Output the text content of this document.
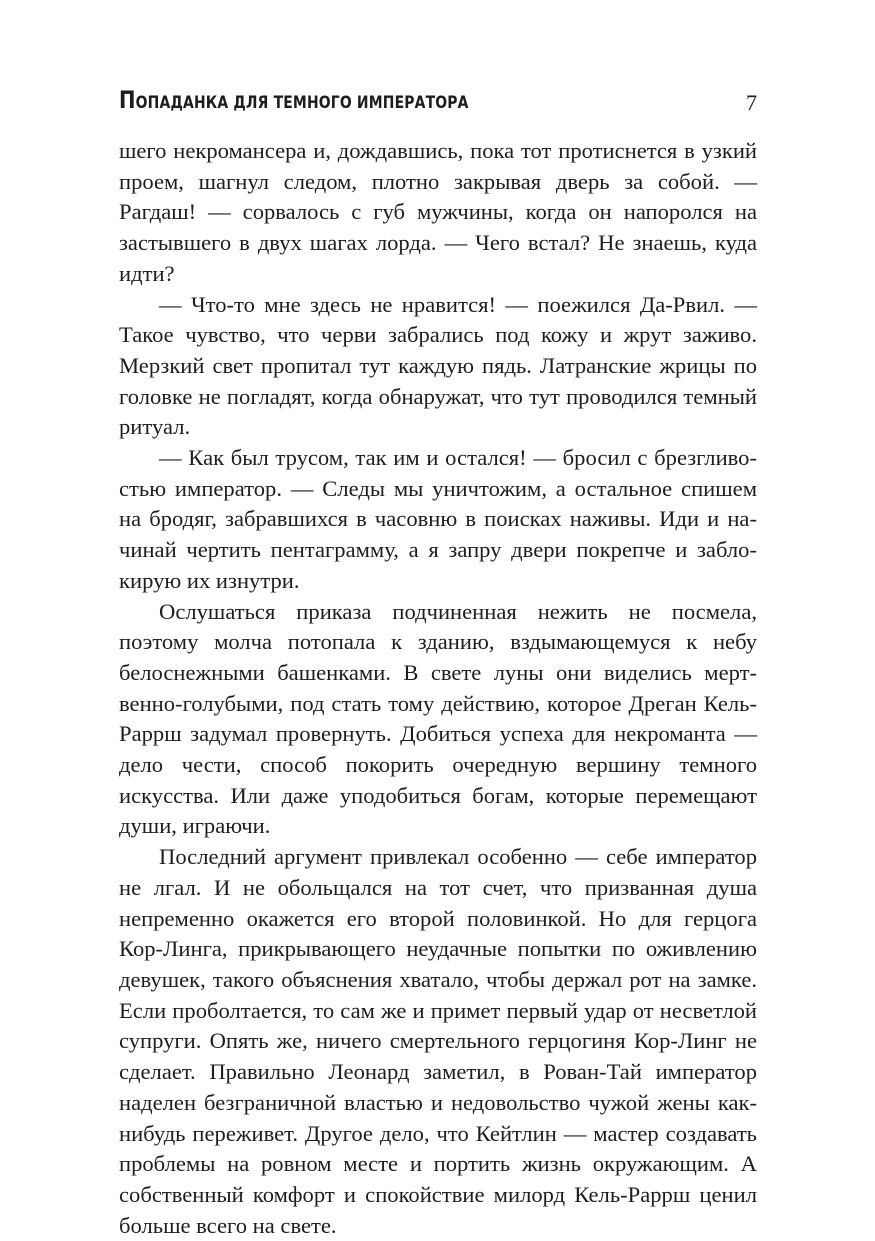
ПОПАДАНКА ДЛЯ ТЕМНОГО ИМПЕРАТОРА	7

шего некромансера и, дождавшись, пока тот протиснется в узкий проем, шагнул следом, плотно закрывая дверь за собой. — Рагдаш! — сорвалось с губ мужчины, когда он напоролся на застывшего в двух шагах лорда. — Чего встал? Не знаешь, куда идти?

— Что-то мне здесь не нравится! — поежился Да-Рвил. — Такое чувство, что черви забрались под кожу и жрут заживо. Мерзкий свет пропитал тут каждую пядь. Латранские жрицы по головке не погладят, когда обнаружат, что тут проводился темный ритуал.

— Как был трусом, так им и остался! — бросил с брезгливостью император. — Следы мы уничтожим, а остальное спишем на бродяг, забравшихся в часовню в поисках наживы. Иди и начинай чертить пентаграмму, а я запру двери покрепче и заблокирую их изнутри.

Ослушаться приказа подчиненная нежить не посмела, поэтому молча потопала к зданию, вздымающемуся к небу белоснежными башенками. В свете луны они виделись мертвенно-голубыми, под стать тому действию, которое Дреган Кель-Раррш задумал провернуть. Добиться успеха для некроманта — дело чести, способ покорить очередную вершину темного искусства. Или даже уподобиться богам, которые перемещают души, играючи.

Последний аргумент привлекал особенно — себе император не лгал. И не обольщался на тот счет, что призванная душа непременно окажется его второй половинкой. Но для герцога Кор-Линга, прикрывающего неудачные попытки по оживлению девушек, такого объяснения хватало, чтобы держал рот на замке. Если проболтается, то сам же и примет первый удар от несветлой супруги. Опять же, ничего смертельного герцогиня Кор-Линг не сделает. Правильно Леонард заметил, в Рован-Тай император наделен безграничной властью и недовольство чужой жены как-нибудь переживет. Другое дело, что Кейтлин — мастер создавать проблемы на ровном месте и портить жизнь окружающим. А собственный комфорт и спокойствие милорд Кель-Раррш ценил больше всего на свете.
